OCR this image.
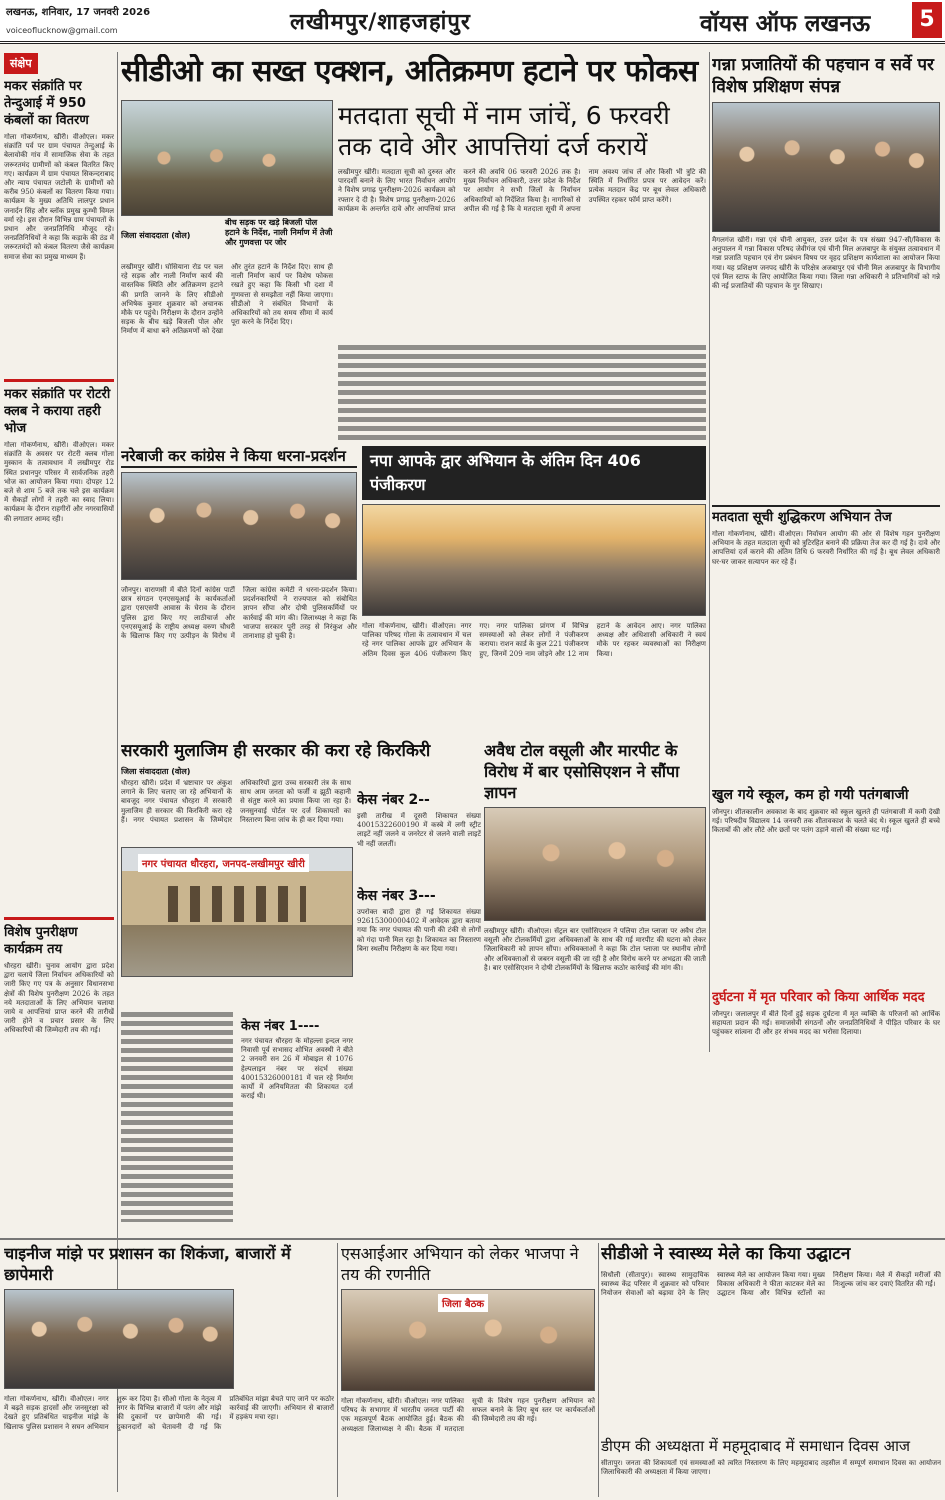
लखनऊ, शनिवार, 17 जनवरी 2026
voiceoflucknow@gmail.com	लखीमपुर/शाहजहांपुर	वॉयस ऑफ लखनऊ	5
संक्षेप
मकर संक्रांति पर तेन्दुआई में 950 कंबलों का वितरण
गोला गोकर्णनाथ, खीरी। वीओएल। मकर संक्रांति पर्व पर ग्राम पंचायत तेन्दुआई के बेलावोकी गांव में सामाजिक सेवा के तहत जरूरतमंद ग्रामीणों को कंबल वितरित किए गए। कार्यक्रम में ग्राम पंचायत सिकन्दराबाद और न्याय पंचायत जटोली के ग्रामीणों को करीब 950 कंबलों का वितरण किया गया। कार्यक्रम के मुख्य अतिथि लालपुर प्रधान जनार्दन सिंह और ब्लॉक प्रमुख कुम्भी विमल वर्मा रहे। इस दौरान विभिन्न ग्राम पंचायतों के प्रधान और जनप्रतिनिधि मौजूद रहे। जनप्रतिनिधियों ने कहा कि कड़ाके की ठंड में जरूरतमंदों को कंबल वितरण जैसे कार्यक्रम समाज सेवा का प्रमुख माध्यम हैं।
मकर संक्रांति पर रोटरी क्लब ने कराया तहरी भोज
गोला गोकर्णनाथ, खीरी। वीओएल। मकर संक्रांति के अवसर पर रोटरी क्लब गोला मुस्कान के तत्वावधान में लखीमपुर रोड स्थित प्रधानपुर परिसर में सार्वजनिक तहरी भोज का आयोजन किया गया। दोपहर 12 बजे से शाम 5 बजे तक चले इस कार्यक्रम में सैकड़ों लोगों ने तहरी का स्वाद लिया। कार्यक्रम के दौरान राहगीरों और नगरवासियों की लगातार आमद रही।
विशेष पुनरीक्षण कार्यक्रम तय
धौरहरा खीरी। चुनाव आयोग द्वारा प्रदेश द्वारा चलाये जिला निर्वाचन अधिकारियों को जारी किए गए पत्र के अनुसार विधानसभा क्षेत्रों की विशेष पुनरीक्षण 2026 के तहत नये मतदाताओं के लिए अभियान चलाया जाये व आपत्तियां प्राप्त करने की तारीखें जारी होने व प्रचार प्रसार के लिए अधिकारियों की जिम्मेदारी तय की गई।
सीडीओ का सख्त एक्शन, अतिक्रमण हटाने पर फोकस
मतदाता सूची में नाम जांचें, 6 फरवरी तक दावे और आपत्तियां दर्ज करायें
लखीमपुर खीरी। मतदाता सूची को दुरुस्त और पारदर्शी बनाने के लिए भारत निर्वाचन आयोग ने विशेष प्रगाढ़ पुनरीक्षण-2026 कार्यक्रम को रफ्तार दे दी है। विशेष प्रगाढ़ पुनरीक्षण-2026 कार्यक्रम के अन्तर्गत दावे और आपत्तियां प्राप्त करने की अवधि 06 फरवरी 2026 तक है। मुख्य निर्वाचन अधिकारी, उत्तर प्रदेश के निर्देश पर आयोग ने सभी जिलों के निर्वाचन अधिकारियों को निर्देशित किया है। नागरिकों से अपील की गई है कि वे मतदाता सूची में अपना नाम अवश्य जांच लें और किसी भी त्रुटि की स्थिति में निर्धारित प्रपत्र पर आवेदन करें। प्रत्येक मतदान केंद्र पर बूथ लेवल अधिकारी उपस्थित रहकर फॉर्म प्राप्त करेंगे।
बीच सड़क पर खड़े बिजली पोल हटाने के निर्देश, नाली निर्माण में तेजी और गुणवत्ता पर जोर
जिला संवाददाता (वोल)
लखीमपुर खीरी। घोसियाना रोड पर चल रहे सड़क और नाली निर्माण कार्य की वास्तविक स्थिति और अतिक्रमण हटाने की प्रगति जानने के लिए सीडीओ अभिषेक कुमार शुक्रवार को अचानक मौके पर पहुंचे। निरीक्षण के दौरान उन्होंने सड़क के बीच खड़े बिजली पोल और निर्माण में बाधा बने अतिक्रमणों को देखा और तुरंत हटाने के निर्देश दिए। साथ ही नाली निर्माण कार्य पर विशेष फोकस रखते हुए कहा कि किसी भी दशा में गुणवत्ता से समझौता नहीं किया जाएगा। सीडीओ ने संबंधित विभागों के अधिकारियों को तय समय सीमा में कार्य पूरा करने के निर्देश दिए।
गन्ना प्रजातियों की पहचान व सर्वे पर विशेष प्रशिक्षण संपन्न
मैगलगंज खीरी। गन्ना एवं चीनी आयुक्त, उत्तर प्रदेश के पत्र संख्या 947-सी/विकास के अनुपालन में गन्ना विकास परिषद जेवीगंज एवं चीनी मिल अजबापुर के संयुक्त तत्वावधान में गन्ना प्रजाति पहचान एवं रोग प्रबंधन विषय पर वृहद प्रशिक्षण कार्यशाला का आयोजन किया गया। यह प्रशिक्षण जनपद खीरी के परिक्षेत्र अजबापुर एवं चीनी मिल अजबापुर के विभागीय एवं मिल स्टाफ के लिए आयोजित किया गया। जिला गन्ना अधिकारी ने प्रतिभागियों को गन्ने की नई प्रजातियों की पहचान के गुर सिखाए।
नरेबाजी कर कांग्रेस ने किया धरना-प्रदर्शन
जौनपुर। वाराणसी में बीते दिनों कांग्रेस पार्टी छात्र संगठन एनएसयूआई के कार्यकर्ताओं द्वारा एसएसपी आवास के घेराव के दौरान पुलिस द्वारा किए गए लाठीचार्ज और एनएसयूआई के राष्ट्रीय अध्यक्ष वरुण चौधरी के खिलाफ किए गए उत्पीड़न के विरोध में जिला कांग्रेस कमेटी ने धरना-प्रदर्शन किया। प्रदर्शनकारियों ने राज्यपाल को संबोधित ज्ञापन सौंपा और दोषी पुलिसकर्मियों पर कार्रवाई की मांग की। जिलाध्यक्ष ने कहा कि भाजपा सरकार पूरी तरह से निरंकुश और तानाशाह हो चुकी है।
नपा आपके द्वार अभियान के अंतिम दिन 406 पंजीकरण
गोला गोकर्णनाथ, खीरी। वीओएल। नगर पालिका परिषद गोला के तत्वावधान में चल रहे नगर पालिका आपके द्वार अभियान के अंतिम दिवस कुल 406 पंजीकरण किए गए। नगर पालिका प्रांगण में विभिन्न समस्याओं को लेकर लोगों ने पंजीकरण कराया। राशन कार्ड के कुल 221 पंजीकरण हुए, जिनमें 209 नाम जोड़ने और 12 नाम हटाने के आवेदन आए। नगर पालिका अध्यक्ष और अधिशासी अधिकारी ने स्वयं मौके पर रहकर व्यवस्थाओं का निरीक्षण किया।
सरकारी मुलाजिम ही सरकार की करा रहे किरकिरी
जिला संवाददाता (वोल)
धौरहरा खीरी। प्रदेश में भ्रष्टाचार पर अंकुश लगाने के लिए चलाए जा रहे अभियानों के बावजूद नगर पंचायत धौरहरा में सरकारी मुलाजिम ही सरकार की किरकिरी करा रहे हैं। नगर पंचायत प्रशासन के जिम्मेदार अधिकारियों द्वारा उच्च सरकारी तंत्र के साथ साथ आम जनता को फर्जी व झूठी कहानी से संतुष्ट करने का प्रयास किया जा रहा है। जनसुनवाई पोर्टल पर दर्ज शिकायतों का निस्तारण बिना जांच के ही कर दिया गया।
नगर पंचायत धौरहरा, जनपद-लखीमपुर खीरी
केस नंबर 2--
इसी तारीख में दूसरी शिकायत संख्या 40015322600190 में कस्बे में लगी स्ट्रीट लाइटें नहीं जलने व जनरेटर से जलने वाली लाइटें भी नहीं जलतीं।
केस नंबर 3---
उपरोक्त बादी द्वारा ही गई शिकायत संख्या 92615300000402 में आवेदक द्वारा बताया गया कि नगर पंचायत की पानी की टंकी से लोगों को गंदा पानी मिल रहा है। शिकायत का निस्तारण बिना स्थलीय निरीक्षण के कर दिया गया।
केस नंबर 1----
नगर पंचायत धौरहरा के मोहल्ला इन्दल नगर निवासी पूर्व सभासद शोभित अवस्थी ने बीते 2 जनवरी सन 26 में मोबाइल से 1076 हेल्पलाइन नंबर पर संदर्भ संख्या 40015326000181 में चल रहे निर्माण कार्यों में अनियमितता की शिकायत दर्ज कराई थी।
अवैध टोल वसूली और मारपीट के विरोध में बार एसोसिएशन ने सौंपा ज्ञापन
लखीमपुर खीरी। वीओएल। सेंट्रल बार एसोसिएशन ने पलिया टोल प्लाजा पर अवैध टोल वसूली और टोलकर्मियों द्वारा अधिवक्ताओं के साथ की गई मारपीट की घटना को लेकर जिलाधिकारी को ज्ञापन सौंपा। अधिवक्ताओं ने कहा कि टोल प्लाजा पर स्थानीय लोगों और अधिवक्ताओं से जबरन वसूली की जा रही है और विरोध करने पर अभद्रता की जाती है। बार एसोसिएशन ने दोषी टोलकर्मियों के खिलाफ कठोर कार्रवाई की मांग की।
मतदाता सूची शुद्धिकरण अभियान तेज
गोला गोकर्णनाथ, खीरी। वीओएल। निर्वाचन आयोग की ओर से विशेष गहन पुनरीक्षण अभियान के तहत मतदाता सूची को त्रुटिरहित बनाने की प्रक्रिया तेज कर दी गई है। दावे और आपत्तियां दर्ज कराने की अंतिम तिथि 6 फरवरी निर्धारित की गई है। बूथ लेवल अधिकारी घर-घर जाकर सत्यापन कर रहे हैं।
खुल गये स्कूल, कम हो गयी पतंगबाजी
जौनपुर। शीतकालीन अवकाश के बाद शुक्रवार को स्कूल खुलते ही पतंगबाजी में कमी देखी गई। परिषदीय विद्यालय 14 जनवरी तक शीतावकाश के चलते बंद थे। स्कूल खुलते ही बच्चे किताबों की ओर लौटे और छतों पर पतंग उड़ाने वालों की संख्या घट गई।
दुर्घटना में मृत परिवार को किया आर्थिक मदद
जौनपुर। जलालपुर में बीते दिनों हुई सड़क दुर्घटना में मृत व्यक्ति के परिजनों को आर्थिक सहायता प्रदान की गई। समाजसेवी संगठनों और जनप्रतिनिधियों ने पीड़ित परिवार के घर पहुंचकर सांत्वना दी और हर संभव मदद का भरोसा दिलाया।
चाइनीज मांझे पर प्रशासन का शिकंजा, बाजारों में छापेमारी
गोला गोकर्णनाथ, खीरी। वीओएल। नगर में बढ़ते सड़क हादसों और जनसुरक्षा को देखते हुए प्रतिबंधित चाइनीज मांझे के खिलाफ पुलिस प्रशासन ने सघन अभियान शुरू कर दिया है। सीओ गोला के नेतृत्व में नगर के विभिन्न बाजारों में पतंग और मांझे की दुकानों पर छापेमारी की गई। दुकानदारों को चेतावनी दी गई कि प्रतिबंधित मांझा बेचते पाए जाने पर कठोर कार्रवाई की जाएगी। अभियान से बाजारों में हड़कंप मचा रहा।
एसआईआर अभियान को लेकर भाजपा ने तय की रणनीति
जिला बैठक
गोला गोकर्णनाथ, खीरी। वीओएल। नगर पालिका परिषद के सभागार में भारतीय जनता पार्टी की एक महत्वपूर्ण बैठक आयोजित हुई। बैठक की अध्यक्षता जिलाध्यक्ष ने की। बैठक में मतदाता सूची के विशेष गहन पुनरीक्षण अभियान को सफल बनाने के लिए बूथ स्तर पर कार्यकर्ताओं की जिम्मेदारी तय की गई।
सीडीओ ने स्वास्थ्य मेले का किया उद्घाटन
सिधौली (सीतापुर)। स्वास्थ्य सामुदायिक स्वास्थ्य केंद्र परिसर में शुक्रवार को परिवार नियोजन सेवाओं को बढ़ावा देने के लिए स्वास्थ्य मेले का आयोजन किया गया। मुख्य विकास अधिकारी ने फीता काटकर मेले का उद्घाटन किया और विभिन्न स्टॉलों का निरीक्षण किया। मेले में सैकड़ों मरीजों की निःशुल्क जांच कर दवाएं वितरित की गईं।
डीएम की अध्यक्षता में महमूदाबाद में समाधान दिवस आज
सीतापुर। जनता की शिकायतों एवं समस्याओं को त्वरित निस्तारण के लिए महमूदाबाद तहसील में सम्पूर्ण समाधान दिवस का आयोजन जिलाधिकारी की अध्यक्षता में किया जाएगा।
